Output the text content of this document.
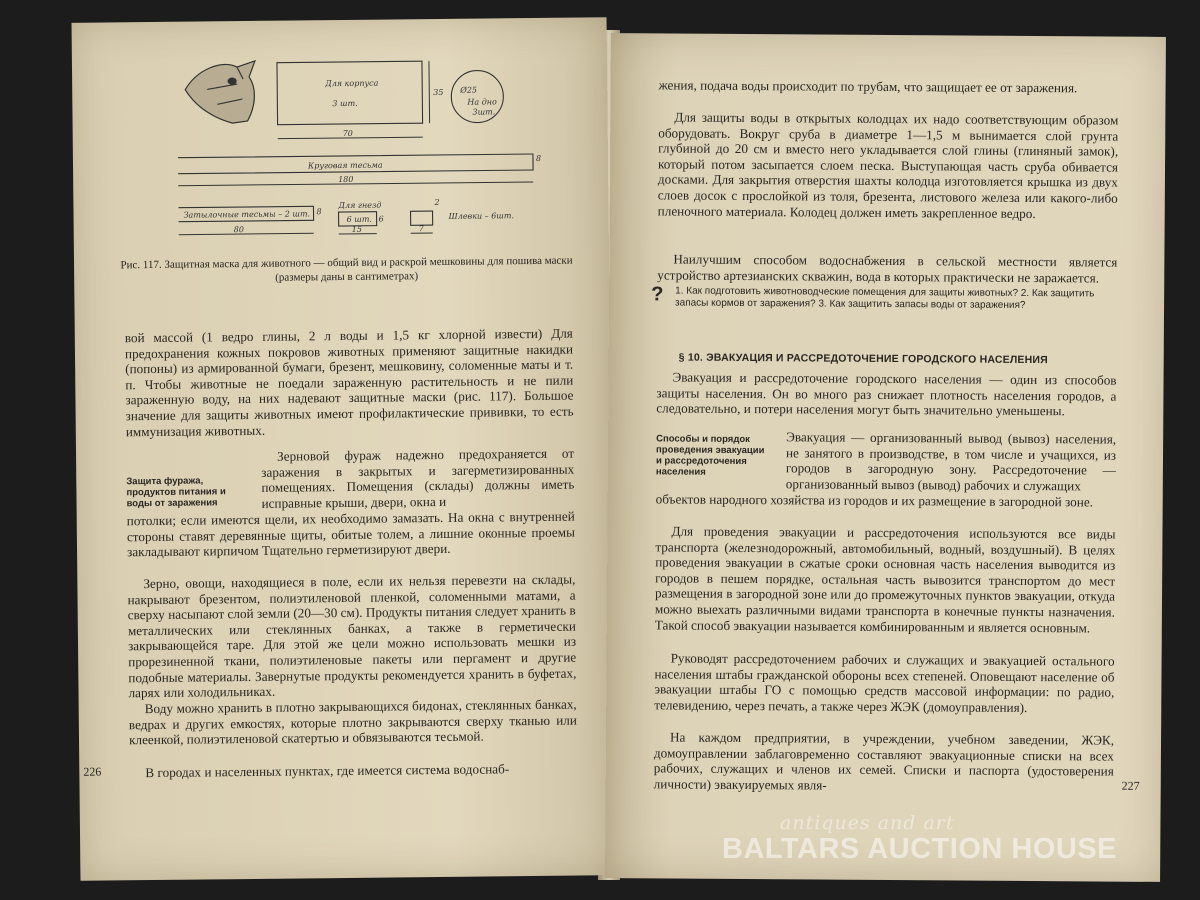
Для корпуса
3 шт.
35
70
Ø25
На дно
3шт.
Круговая тесьма
8
180
Затылочные тесьмы – 2 шт. 8
80
Для гнезд
6 шт. 6
15
2
Шлевки – 6шт.
7
Рис. 117. Защитная маска для животного — общий вид и раскрой мешковины для пошива маски (размеры даны в сантиметрах)

вой массой (1 ведро глины, 2 л воды и 1,5 кг хлорной извести) Для предохранения кожных покровов животных применяют защитные накидки (попоны) из армированной бумаги, брезент, мешковину, соломенные маты и т. п. Чтобы животные не поедали зараженную растительность и не пили зараженную воду, на них надевают защитные маски (рис. 117). Большое значение для защиты животных имеют профилактические прививки, то есть иммунизация животных.

Защита фуража, продуктов питания и воды от заражения

Зерновой фураж надежно предохраняется от заражения в закрытых и загерметизированных помещениях. Помещения (склады) должны иметь исправные крыши, двери, окна и

потолки; если имеются щели, их необходимо замазать. На окна с внутренней стороны ставят деревянные щиты, обитые толем, а лишние оконные проемы закладывают кирпичом Тщательно герметизируют двери.

Зерно, овощи, находящиеся в поле, если их нельзя перевезти на склады, накрывают брезентом, полиэтиленовой пленкой, соломенными матами, а сверху насыпают слой земли (20—30 см). Продукты питания следует хранить в металлических или стеклянных банках, а также в герметически закрывающейся таре. Для этой же цели можно использовать мешки из прорезиненной ткани, полиэтиленовые пакеты или пергамент и другие подобные материалы. Завернутые продукты рекомендуется хранить в буфетах, ларях или холодильниках.

Воду можно хранить в плотно закрывающихся бидонах, стеклянных банках, ведрах и других емкостях, которые плотно закрываются сверху тканью или клеенкой, полиэтиленовой скатертью и обвязываются тесьмой.

В городах и населенных пунктах, где имеется система водоснаб-

226

жения, подача воды происходит по трубам, что защищает ее от заражения.

Для защиты воды в открытых колодцах их надо соответствующим образом оборудовать. Вокруг сруба в диаметре 1—1,5 м вынимается слой грунта глубиной до 20 см и вместо него укладывается слой глины (глиняный замок), который потом засыпается слоем песка. Выступающая часть сруба обивается досками. Для закрытия отверстия шахты колодца изготовляется крышка из двух слоев досок с прослойкой из толя, брезента, листового железа или какого-либо пленочного материала. Колодец должен иметь закрепленное ведро.

Наилучшим способом водоснабжения в сельской местности является устройство артезианских скважин, вода в которых практически не заражается.

? 1. Как подготовить животноводческие помещения для защиты животных? 2. Как защитить запасы кормов от заражения? 3. Как защитить запасы воды от заражения?
§ 10. ЭВАКУАЦИЯ И РАССРЕДОТОЧЕНИЕ ГОРОДСКОГО НАСЕЛЕНИЯ

Эвакуация и рассредоточение городского населения — один из способов защиты населения. Он во много раз снижает плотность населения городов, а следовательно, и потери населения могут быть значительно уменьшены.

Способы и порядок проведения эвакуации и рассредоточения населения

Эвакуация — организованный вывод (вывоз) населения, не занятого в производстве, в том числе и учащихся, из городов в загородную зону. Рассредоточение — организованный вывоз (вывод) рабочих и служащих

объектов народного хозяйства из городов и их размещение в загородной зоне.

Для проведения эвакуации и рассредоточения используются все виды транспорта (железнодорожный, автомобильный, водный, воздушный). В целях проведения эвакуации в сжатые сроки основная часть населения выводится из городов в пешем порядке, остальная часть вывозится транспортом до мест размещения в загородной зоне или до промежуточных пунктов эвакуации, откуда можно выехать различными видами транспорта в конечные пункты назначения. Такой способ эвакуации называется комбинированным и является основным.

Руководят рассредоточением рабочих и служащих и эвакуацией остального населения штабы гражданской обороны всех степеней. Оповещают население об эвакуации штабы ГО с помощью средств массовой информации: по радио, телевидению, через печать, а также через ЖЭК (домоуправления).

На каждом предприятии, в учреждении, учебном заведении, ЖЭК, домоуправлении заблаговременно составляют эвакуационные списки на всех рабочих, служащих и членов их семей. Списки и паспорта (удостоверения личности) эвакуируемых явля-	227
antiques and art
BALTARS AUCTION HOUSE
